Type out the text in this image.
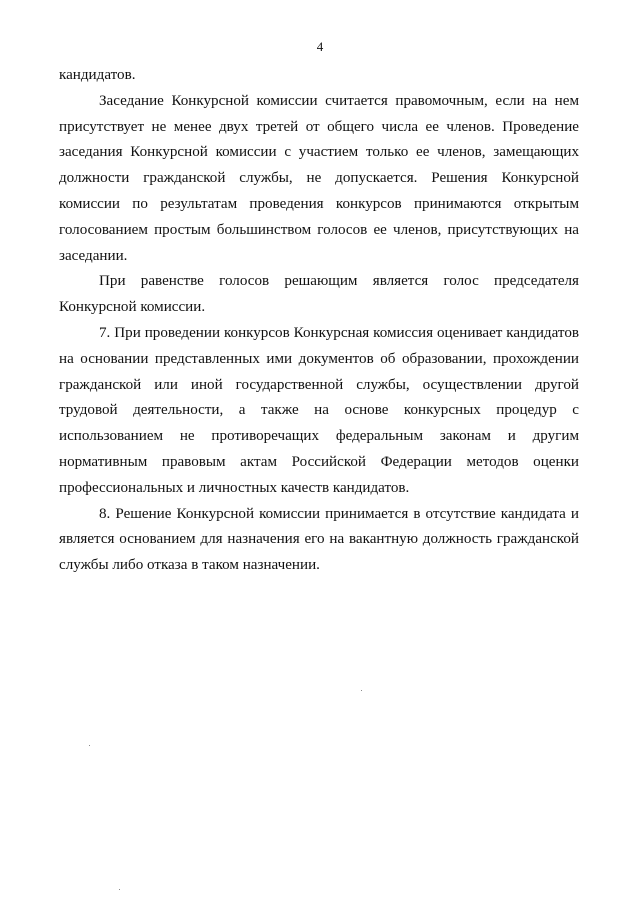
4

кандидатов.

Заседание Конкурсной комиссии считается правомочным, если на нем присутствует не менее двух третей от общего числа ее членов. Проведение заседания Конкурсной комиссии с участием только ее членов, замещающих должности гражданской службы, не допускается. Решения Конкурсной комиссии по результатам проведения конкурсов принимаются открытым голосованием простым большинством голосов ее членов, присутствующих на заседании.

При равенстве голосов решающим является голос председателя Конкурсной комиссии.

7. При проведении конкурсов Конкурсная комиссия оценивает кандидатов на основании представленных ими документов об образовании, прохождении гражданской или иной государственной службы, осуществлении другой трудовой деятельности, а также на основе конкурсных процедур с использованием не противоречащих федеральным законам и другим нормативным правовым актам Российской Федерации методов оценки профессиональных и личностных качеств кандидатов.

8. Решение Конкурсной комиссии принимается в отсутствие кандидата и является основанием для назначения его на вакантную должность гражданской службы либо отказа в таком назначении.
